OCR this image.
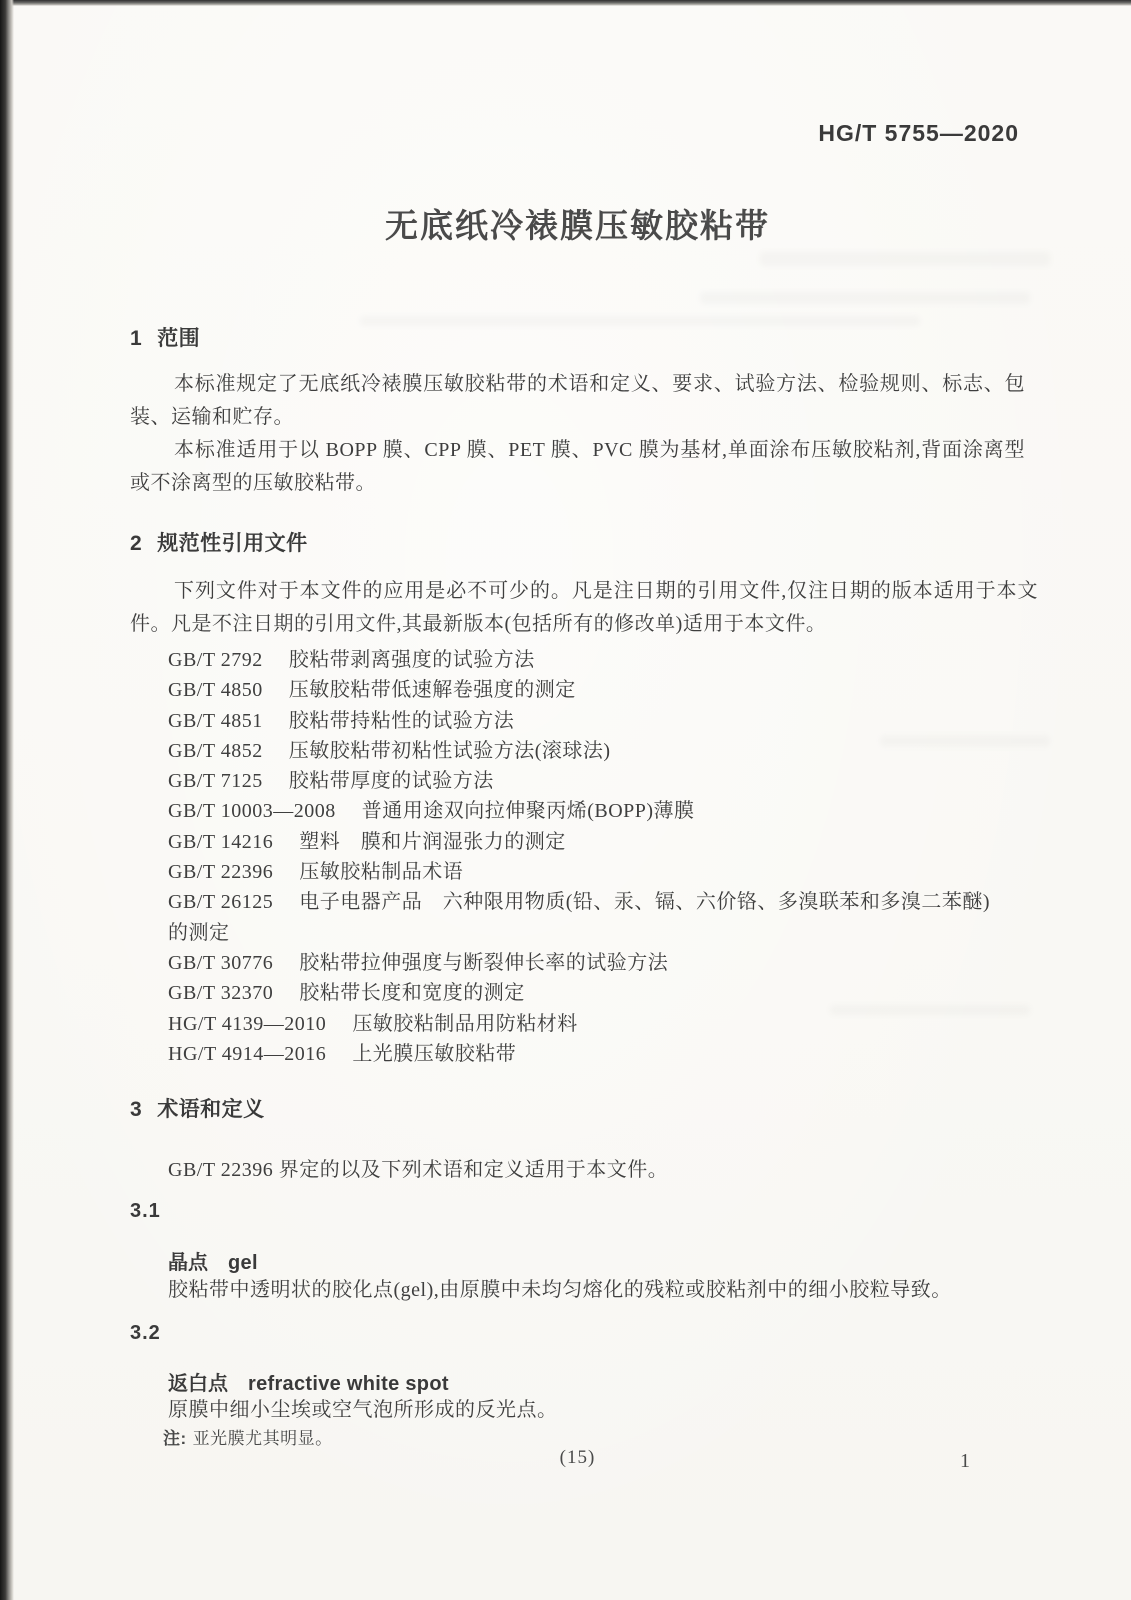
HG/T 5755—2020
无底纸冷裱膜压敏胶粘带
1 范围
本标准规定了无底纸冷裱膜压敏胶粘带的术语和定义、要求、试验方法、检验规则、标志、包装、运输和贮存。
本标准适用于以 BOPP 膜、CPP 膜、PET 膜、PVC 膜为基材,单面涂布压敏胶粘剂,背面涂离型或不涂离型的压敏胶粘带。
2 规范性引用文件
下列文件对于本文件的应用是必不可少的。凡是注日期的引用文件,仅注日期的版本适用于本文件。凡是不注日期的引用文件,其最新版本(包括所有的修改单)适用于本文件。
GB/T 2792 胶粘带剥离强度的试验方法
GB/T 4850 压敏胶粘带低速解卷强度的测定
GB/T 4851 胶粘带持粘性的试验方法
GB/T 4852 压敏胶粘带初粘性试验方法(滚球法)
GB/T 7125 胶粘带厚度的试验方法
GB/T 10003—2008 普通用途双向拉伸聚丙烯(BOPP)薄膜
GB/T 14216 塑料　膜和片润湿张力的测定
GB/T 22396 压敏胶粘制品术语
GB/T 26125 电子电器产品　六种限用物质(铅、汞、镉、六价铬、多溴联苯和多溴二苯醚)
的测定
GB/T 30776 胶粘带拉伸强度与断裂伸长率的试验方法
GB/T 32370 胶粘带长度和宽度的测定
HG/T 4139—2010 压敏胶粘制品用防粘材料
HG/T 4914—2016 上光膜压敏胶粘带
3 术语和定义
GB/T 22396 界定的以及下列术语和定义适用于本文件。
3.1
晶点 gel
胶粘带中透明状的胶化点(gel),由原膜中未均匀熔化的残粒或胶粘剂中的细小胶粒导致。
3.2
返白点 refractive white spot
原膜中细小尘埃或空气泡所形成的反光点。
注: 亚光膜尤其明显。
(15)	1
